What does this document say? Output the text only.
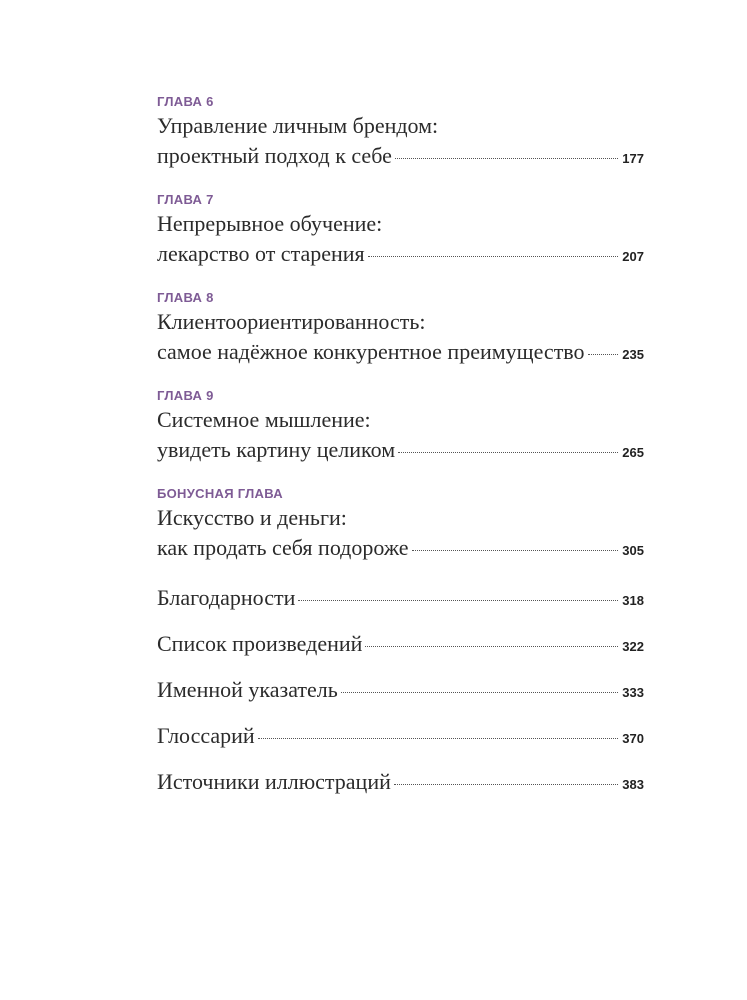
ГЛАВА 6
Управление личным брендом:
проектный подход к себе	177
ГЛАВА 7
Непрерывное обучение:
лекарство от старения	207
ГЛАВА 8
Клиентоориентированность:
самое надёжное конкурентное преимущество	235
ГЛАВА 9
Системное мышление:
увидеть картину целиком	265
БОНУСНАЯ ГЛАВА
Искусство и деньги:
как продать себя подороже	305
Благодарности	318
Список произведений	322
Именной указатель	333
Глоссарий	370
Источники иллюстраций	383
